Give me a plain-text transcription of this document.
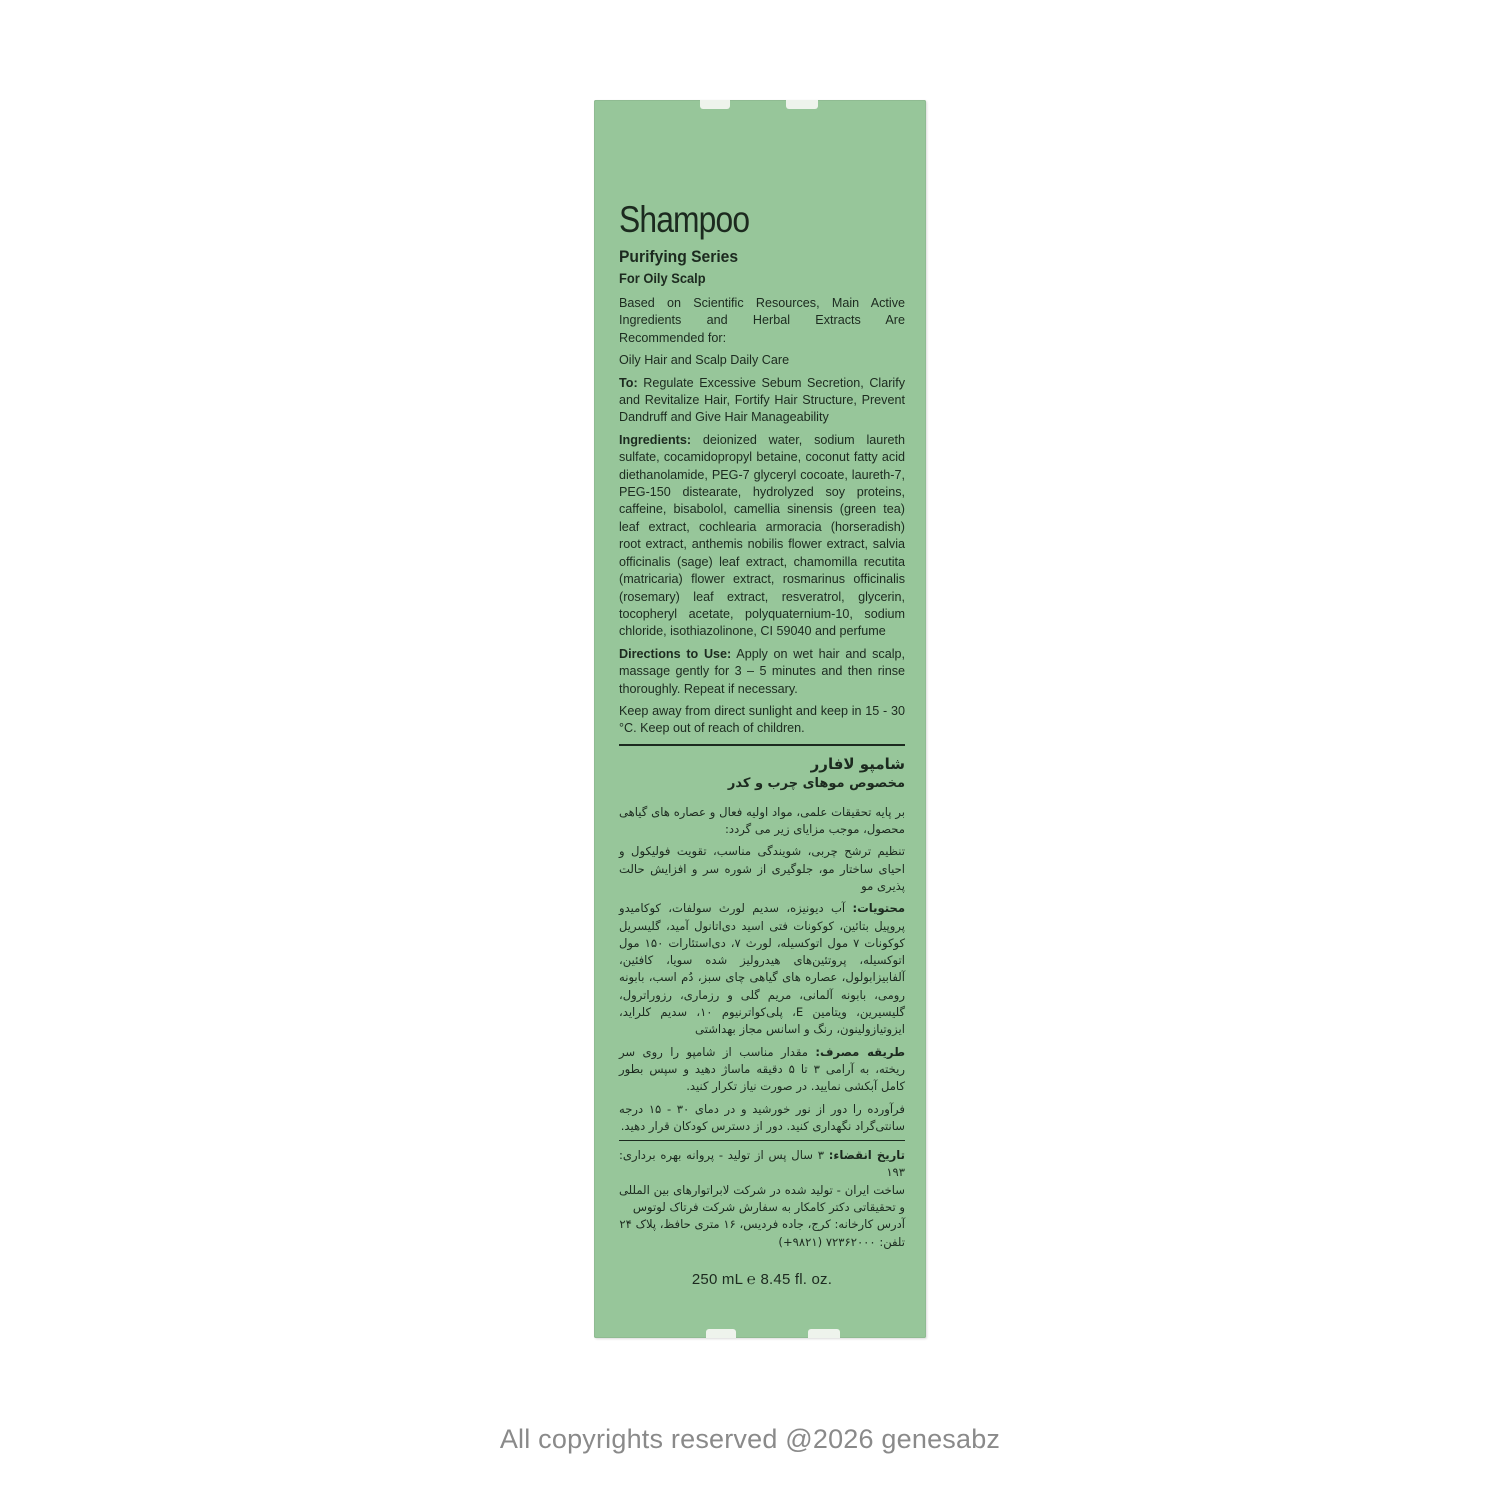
Shampoo
Purifying Series
For Oily Scalp

Based on Scientific Resources, Main Active Ingredients and Herbal Extracts Are Recommended for:

Oily Hair and Scalp Daily Care

To: Regulate Excessive Sebum Secretion, Clarify and Revitalize Hair, Fortify Hair Structure, Prevent Dandruff and Give Hair Manageability

Ingredients: deionized water, sodium laureth sulfate, cocamidopropyl betaine, coconut fatty acid diethanolamide, PEG-7 glyceryl cocoate, laureth-7, PEG-150 distearate, hydrolyzed soy proteins, caffeine, bisabolol, camellia sinensis (green tea) leaf extract, cochlearia armoracia (horseradish) root extract, anthemis nobilis flower extract, salvia officinalis (sage) leaf extract, chamomilla recutita (matricaria) flower extract, rosmarinus officinalis (rosemary) leaf extract, resveratrol, glycerin, tocopheryl acetate, polyquaternium-10, sodium chloride, isothiazolinone, CI 59040 and perfume

Directions to Use: Apply on wet hair and scalp, massage gently for 3 – 5 minutes and then rinse thoroughly. Repeat if necessary.

Keep away from direct sunlight and keep in 15 - 30 °C. Keep out of reach of children.

شامپو لافارر
مخصوص موهای چرب و کدر

بر پایه تحقیقات علمی، مواد اولیه فعال و عصاره های گیاهی محصول، موجب مزایای زیر می گردد:

تنظیم ترشح چربی، شویندگی مناسب، تقویت فولیکول و احیای ساختار مو، جلوگیری از شوره سر و افزایش حالت پذیری مو

محتویات: آب دیونیزه، سدیم لورث سولفات، کوکامیدو پروپیل بتائین، کوکونات فتی اسید دی‌اتانول آمید، گلیسریل کوکونات ۷ مول اتوکسیله، لورث ۷، دی‌استئارات ۱۵۰ مول اتوکسیله، پروتئین‌های هیدرولیز شده سویا، کافئین، آلفابیزابولول، عصاره های گیاهی چای سبز، دُم اسب، بابونه رومی، بابونه آلمانی، مریم گلی و رزماری، رزوراترول، گلیسیرین، ویتامین E، پلی‌کواترنیوم ۱۰، سدیم کلراید، ایزوتیازولینون، رنگ و اسانس مجاز بهداشتی

طریقه مصرف: مقدار مناسب از شامپو را روی سر ریخته، به آرامی ۳ تا ۵ دقیقه ماساژ دهید و سپس بطور کامل آبکشی نمایید. در صورت نیاز تکرار کنید.

فرآورده را دور از نور خورشید و در دمای ۳۰ - ۱۵ درجه سانتی‌گراد نگهداری کنید. دور از دسترس کودکان قرار دهید.

تاریخ انقضاء: ۳ سال پس از تولید - پروانه بهره برداری: ۱۹۳

ساخت ایران - تولید شده در شرکت لابراتوارهای بین المللی و تحقیقاتی دکتر کامکار به سفارش شرکت فرتاک لوتوس

آدرس کارخانه: کرج، جاده فردیس، ۱۶ متری حافظ، پلاک ۲۴

تلفن: ۷۲۳۶۲۰۰۰ (۹۸۲۱+)

250 mL ℮ 8.45 fl. oz.
All copyrights reserved @2026 genesabz
